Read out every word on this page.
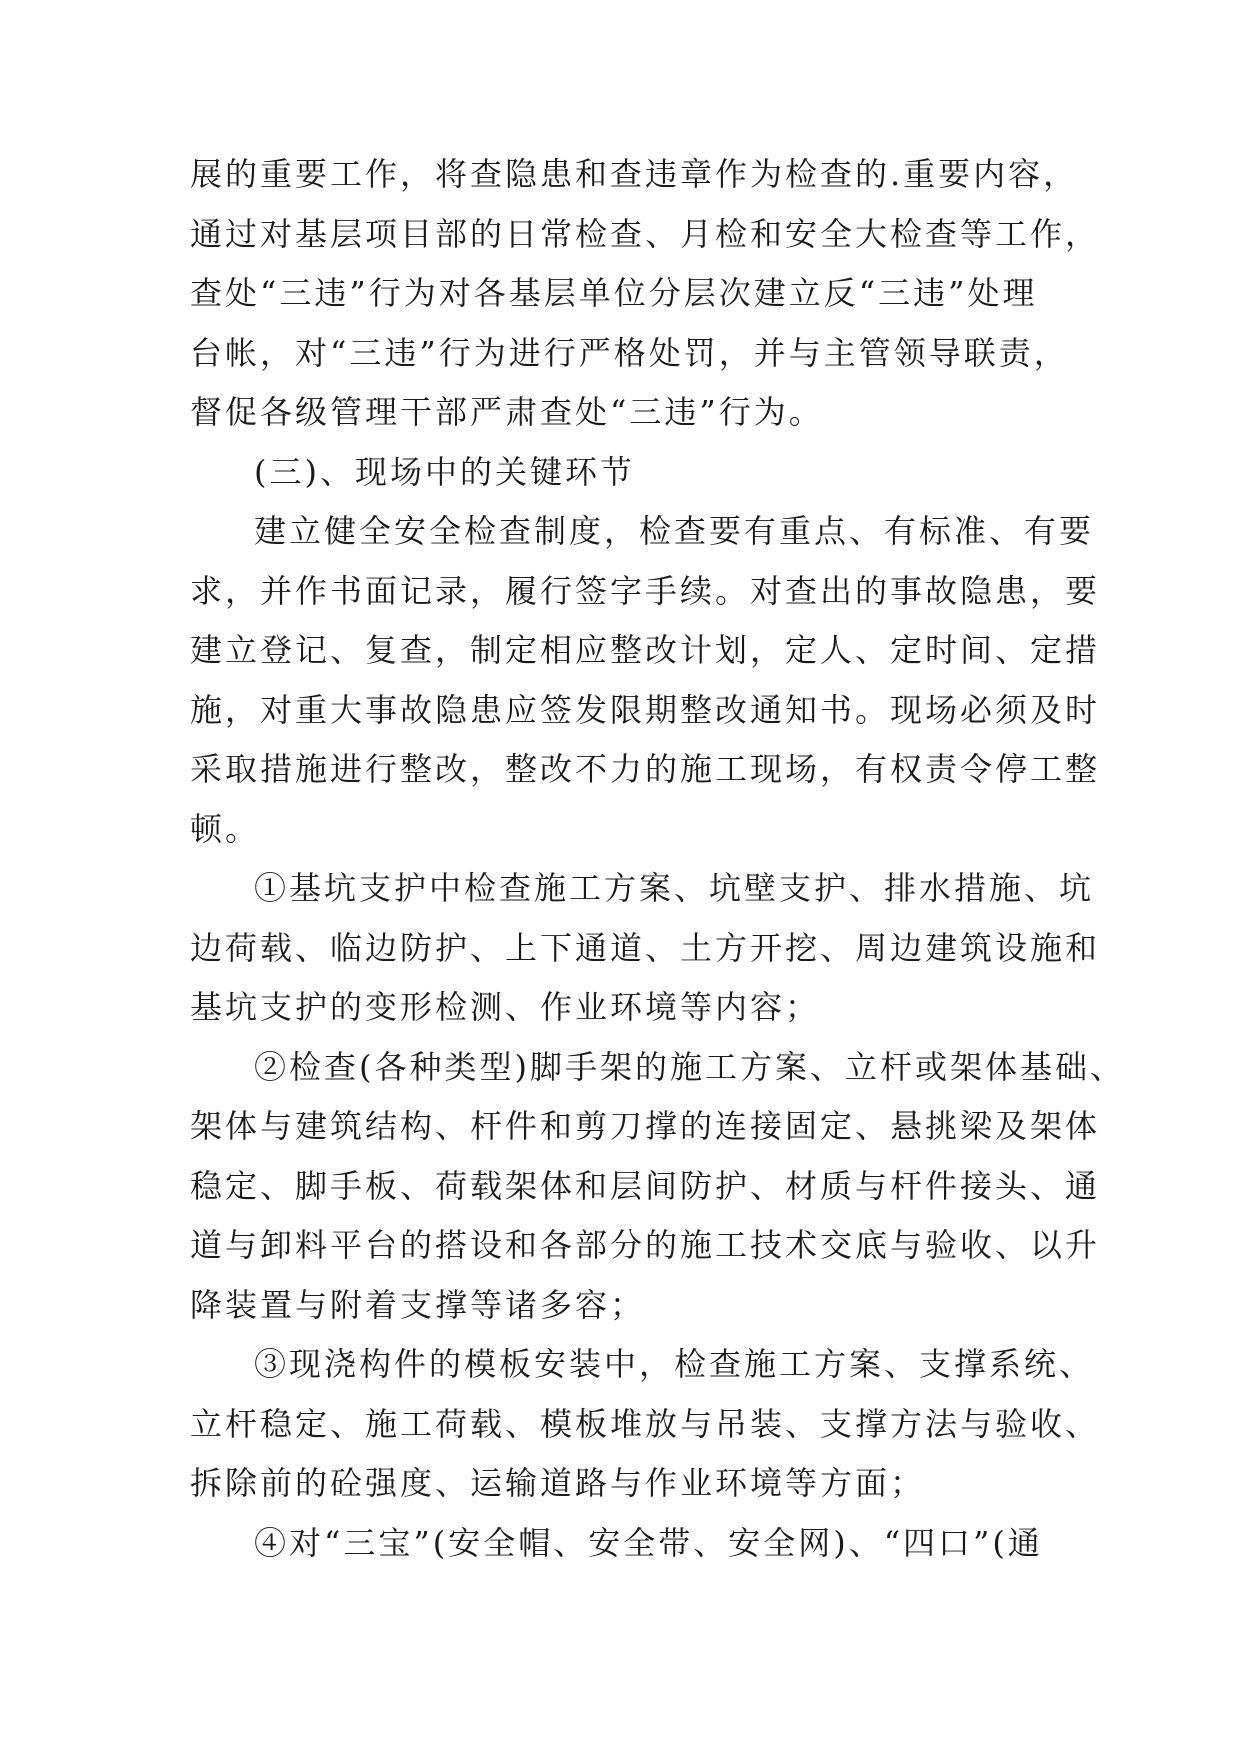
展的重要工作，将查隐患和查违章作为检查的.重要内容，
通过对基层项目部的日常检查、月检和安全大检查等工作，
查处“三违”行为对各基层单位分层次建立反“三违”处理
台帐，对“三违”行为进行严格处罚，并与主管领导联责，
督促各级管理干部严肃查处“三违”行为。
(三)、现场中的关键环节
建立健全安全检查制度，检查要有重点、有标准、有要
求，并作书面记录，履行签字手续。对查出的事故隐患，要
建立登记、复查，制定相应整改计划，定人、定时间、定措
施，对重大事故隐患应签发限期整改通知书。现场必须及时
采取措施进行整改，整改不力的施工现场，有权责令停工整
顿。
①基坑支护中检查施工方案、坑壁支护、排水措施、坑
边荷载、临边防护、上下通道、土方开挖、周边建筑设施和
基坑支护的变形检测、作业环境等内容；
②检查(各种类型)脚手架的施工方案、立杆或架体基础、
架体与建筑结构、杆件和剪刀撑的连接固定、悬挑梁及架体
稳定、脚手板、荷载架体和层间防护、材质与杆件接头、通
道与卸料平台的搭设和各部分的施工技术交底与验收、以升
降装置与附着支撑等诸多容；
③现浇构件的模板安装中，检查施工方案、支撑系统、
立杆稳定、施工荷载、模板堆放与吊装、支撑方法与验收、
拆除前的砼强度、运输道路与作业环境等方面；
④对“三宝”(安全帽、安全带、安全网)、“四口”(通
